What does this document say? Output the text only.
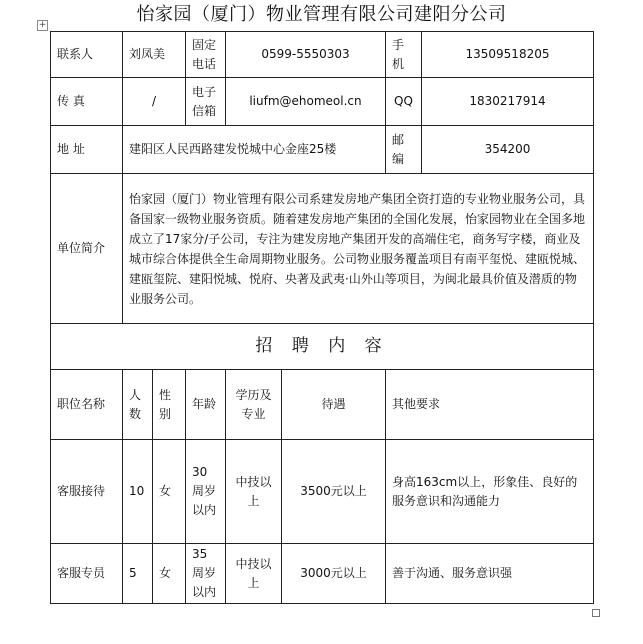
怡家园（厦门）物业管理有限公司建阳分公司
+
联系人	刘凤美		固定电话	0599-5550303		手机	13509518205
传 真	/		电子信箱	liufm@ehomeol.cn		QQ	1830217914
地 址	建阳区人民西路建发悦城中心金座25楼					邮编	354200
单位简介	怡家园（厦门）物业管理有限公司系建发房地产集团全资打造的专业物业服务公司，具备国家一级物业服务资质。随着建发房地产集团的全国化发展，怡家园物业在全国多地成立了17家分/子公司，专注为建发房地产集团开发的高端住宅，商务写字楼，商业及城市综合体提供全生命周期物业服务。公司物业服务覆盖项目有南平玺悦、建瓯悦城、建瓯玺院、建阳悦城、悦府、央著及武夷·山外山等项目，为闽北最具价值及潜质的物业服务公司。						
招 聘 内 容							
职位名称	人数	性别	年龄	学历及专业	待遇	其他要求	
客服接待	10	女	30周岁以内	中技以上	3500元以上	身高163cm以上，形象佳、良好的服务意识和沟通能力	
客服专员	5	女	35周岁以内	中技以上	3000元以上	善于沟通、服务意识强	
